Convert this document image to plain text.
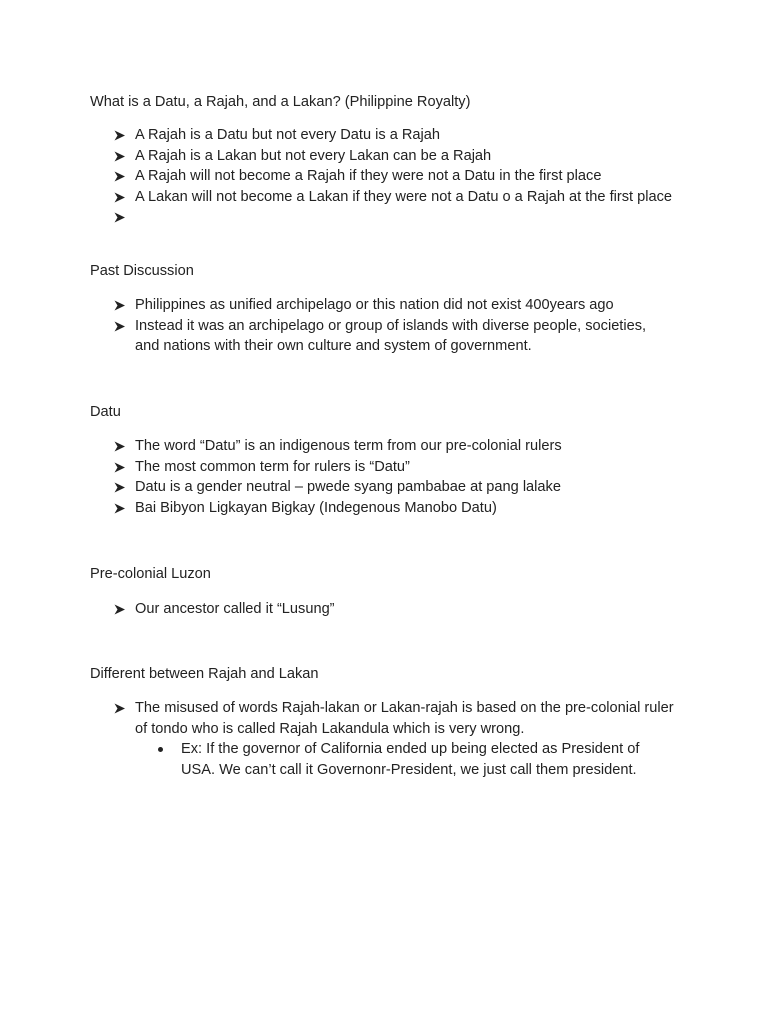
What is a Datu, a Rajah, and a Lakan? (Philippine Royalty)
A Rajah is a Datu but not every Datu is a Rajah
A Rajah is a Lakan but not every Lakan can be a Rajah
A Rajah will not become a Rajah if they were not a Datu in the first place
A Lakan will not become a Lakan if they were not a Datu o a Rajah at the first place
Past Discussion
Philippines as unified archipelago or this nation did not exist 400years ago
Instead it was an archipelago or group of islands with diverse people, societies, and nations with their own culture and system of government.
Datu
The word “Datu” is an indigenous term from our pre-colonial rulers
The most common term for rulers is “Datu”
Datu is a gender neutral – pwede syang pambabae at pang lalake
Bai Bibyon Ligkayan Bigkay (Indegenous Manobo Datu)
Pre-colonial Luzon
Our ancestor called it “Lusung”
Different between Rajah and Lakan
The misused of words Rajah-lakan or Lakan-rajah is based on the pre-colonial ruler of tondo who is called Rajah Lakandula which is very wrong.
Ex: If the governor of California ended up being elected as President of USA. We can’t call it Governonr-President, we just call them president.
